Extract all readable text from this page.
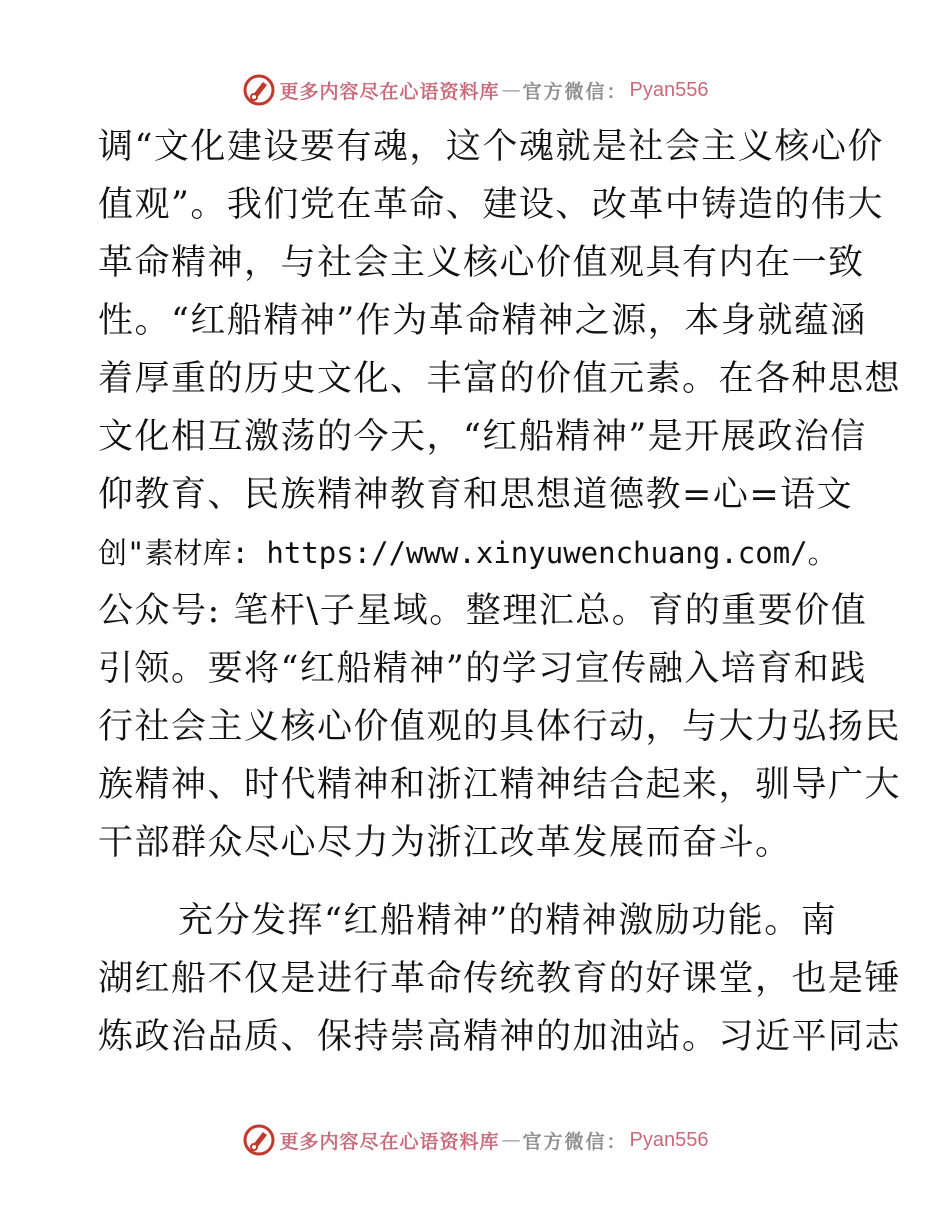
更多内容尽在心语资料库 — 官方微信： Pyan556
调“文化建设要有魂，这个魂就是社会主义核心价
值观”。我们党在革命、建设、改革中铸造的伟大
革命精神，与社会主义核心价值观具有内在一致
性。“红船精神”作为革命精神之源，本身就蕴涵
着厚重的历史文化、丰富的价值元素。在各种思想
文化相互激荡的今天，“红船精神”是开展政治信
仰教育、民族精神教育和思想道德教=心=语文
创"素材库: https://www.xinyuwenchuang.com/。
公众号: 笔杆\子星域。整理汇总。育的重要价值
引领。要将“红船精神”的学习宣传融入培育和践
行社会主义核心价值观的具体行动，与大力弘扬民
族精神、时代精神和浙江精神结合起来，驯导广大
干部群众尽心尽力为浙江改革发展而奋斗。
充分发挥“红船精神”的精神激励功能。南
湖红船不仅是进行革命传统教育的好课堂，也是锤
炼政治品质、保持崇高精神的加油站。习近平同志
更多内容尽在心语资料库 — 官方微信： Pyan556
